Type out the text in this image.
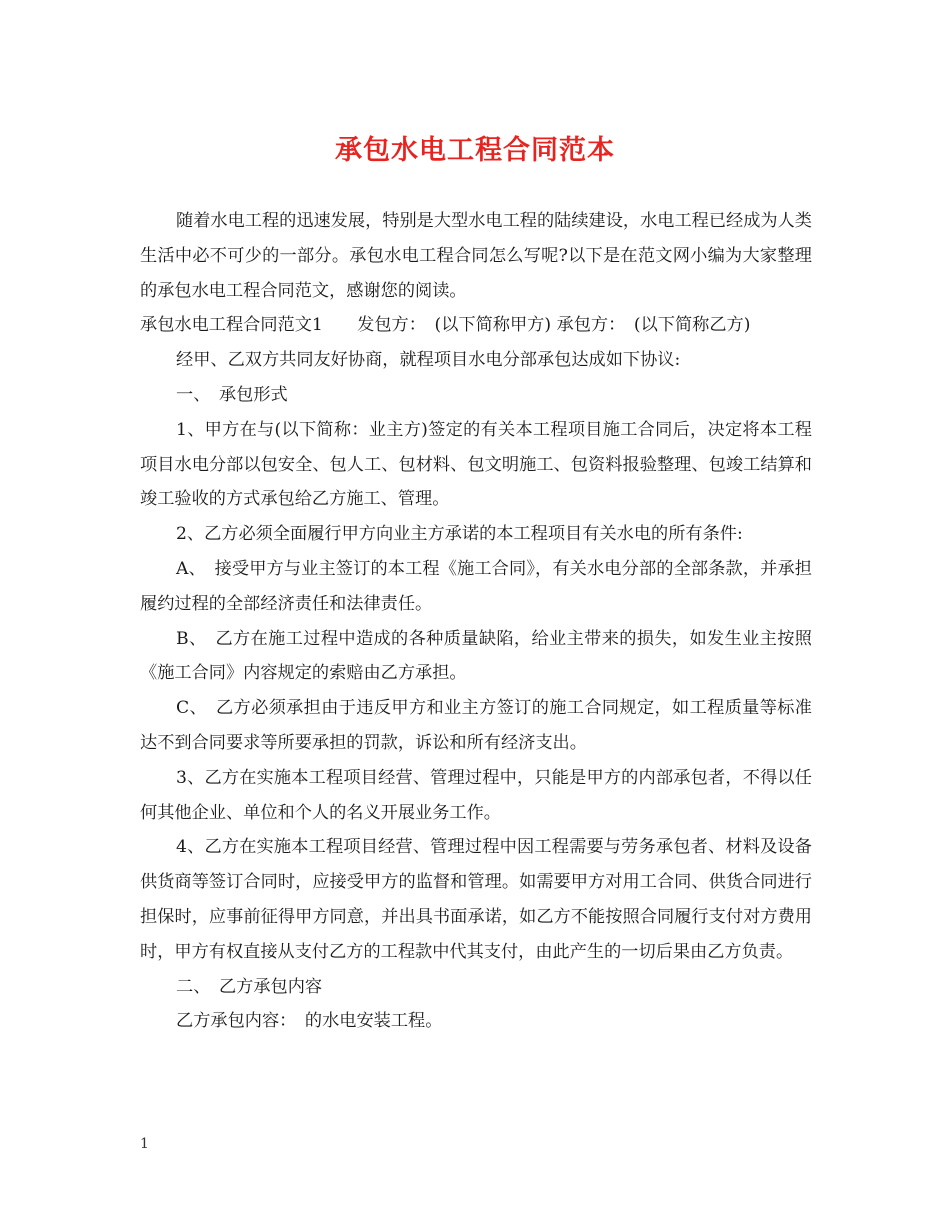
承包水电工程合同范本

随着水电工程的迅速发展，特别是大型水电工程的陆续建设，水电工程已经成为人类生活中必不可少的一部分。承包水电工程合同怎么写呢?以下是在范文网小编为大家整理的承包水电工程合同范文，感谢您的阅读。

承包水电工程合同范文1　　发包方：　(以下简称甲方) 承包方：　(以下简称乙方)

经甲、乙双方共同友好协商，就程项目水电分部承包达成如下协议:

一、　承包形式

1、甲方在与(以下简称：业主方)签定的有关本工程项目施工合同后，决定将本工程项目水电分部以包安全、包人工、包材料、包文明施工、包资料报验整理、包竣工结算和竣工验收的方式承包给乙方施工、管理。

2、乙方必须全面履行甲方向业主方承诺的本工程项目有关水电的所有条件:

A、　接受甲方与业主签订的本工程《施工合同》，有关水电分部的全部条款，并承担履约过程的全部经济责任和法律责任。

B、　乙方在施工过程中造成的各种质量缺陷，给业主带来的损失，如发生业主按照《施工合同》内容规定的索赔由乙方承担。

C、　乙方必须承担由于违反甲方和业主方签订的施工合同规定，如工程质量等标准达不到合同要求等所要承担的罚款，诉讼和所有经济支出。

3、乙方在实施本工程项目经营、管理过程中，只能是甲方的内部承包者，不得以任何其他企业、单位和个人的名义开展业务工作。

4、乙方在实施本工程项目经营、管理过程中因工程需要与劳务承包者、材料及设备供货商等签订合同时，应接受甲方的监督和管理。如需要甲方对用工合同、供货合同进行担保时，应事前征得甲方同意，并出具书面承诺，如乙方不能按照合同履行支付对方费用时，甲方有权直接从支付乙方的工程款中代其支付，由此产生的一切后果由乙方负责。

二、　乙方承包内容

乙方承包内容：　的水电安装工程。

1
